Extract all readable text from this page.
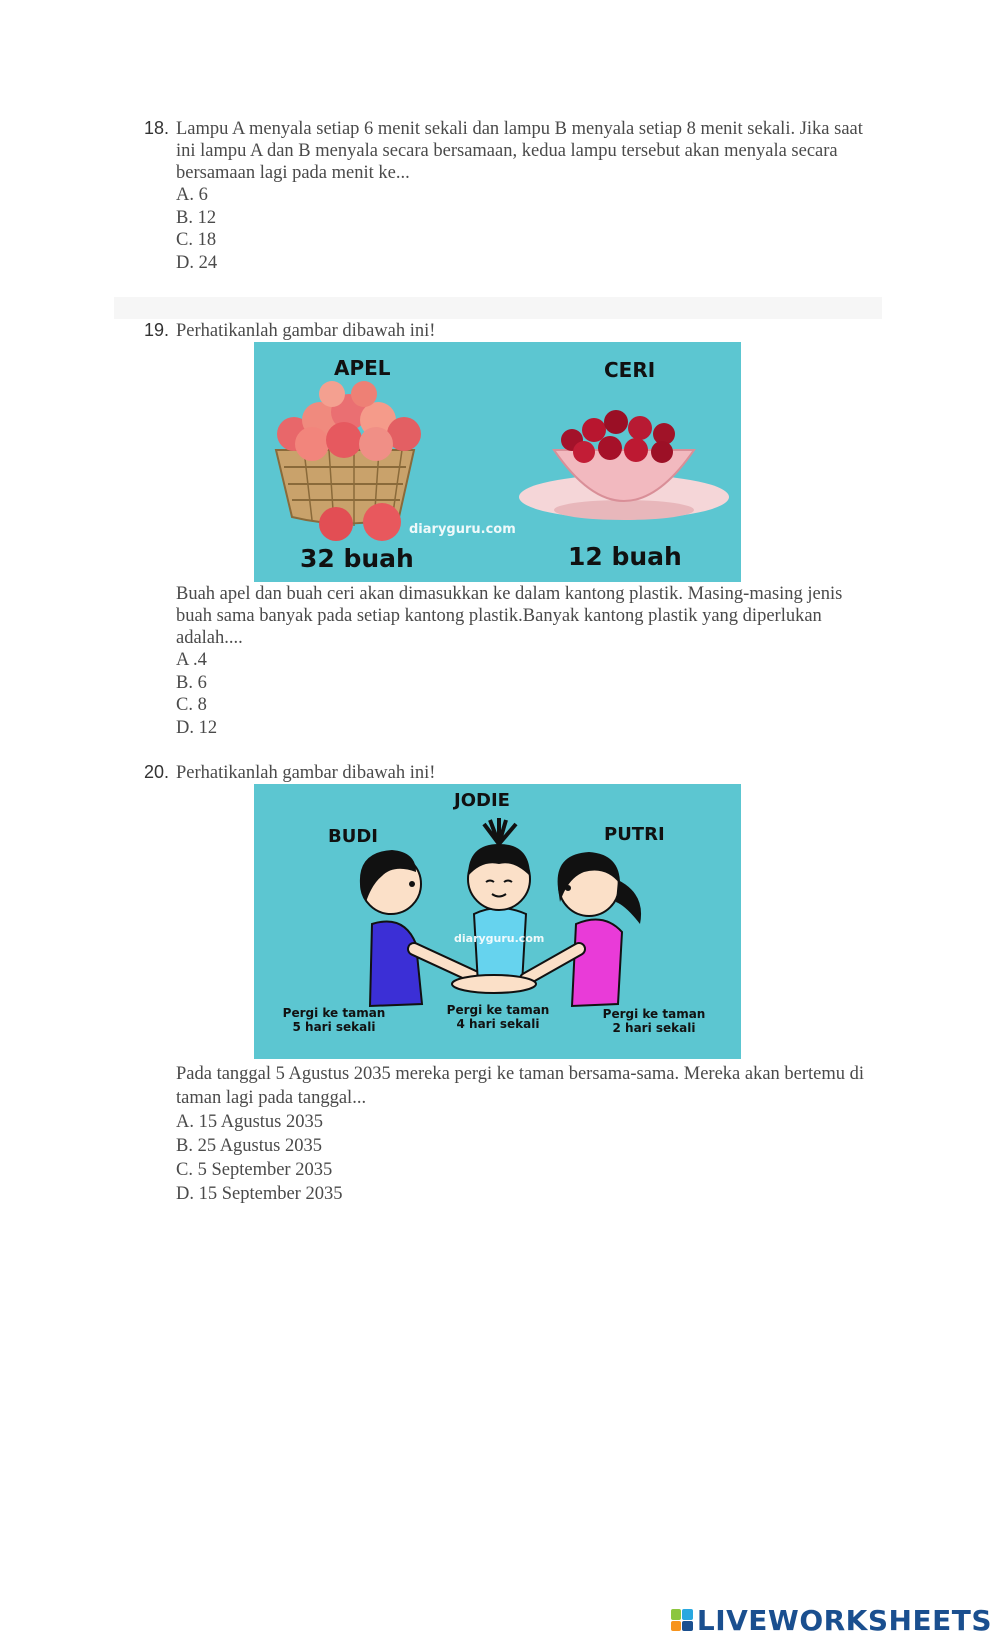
18. Lampu A menyala setiap 6 menit sekali dan lampu B menyala setiap 8 menit sekali. Jika saat ini lampu A dan B menyala secara bersamaan, kedua lampu tersebut akan menyala secara bersamaan lagi pada menit ke...
A. 6
B. 12
C. 18
D. 24
19. Perhatikanlah gambar dibawah ini!
APEL	CERI
diaryguru.com
32 buah	12 buah
Buah apel dan buah ceri akan dimasukkan ke dalam kantong plastik. Masing-masing jenis buah sama banyak pada setiap kantong plastik.Banyak kantong plastik yang diperlukan adalah....
A .4
B. 6
C. 8
D. 12
20. Perhatikanlah gambar dibawah ini!
JODIE
BUDI	PUTRI
diaryguru.com
Pergi ke taman
5 hari sekali
Pergi ke taman
4 hari sekali
Pergi ke taman
2 hari sekali
Pada tanggal 5 Agustus 2035 mereka pergi ke taman bersama-sama. Mereka akan bertemu di taman lagi pada tanggal...
A. 15 Agustus 2035
B. 25 Agustus 2035
C. 5 September 2035
D. 15 September 2035
LIVEWORKSHEETS
